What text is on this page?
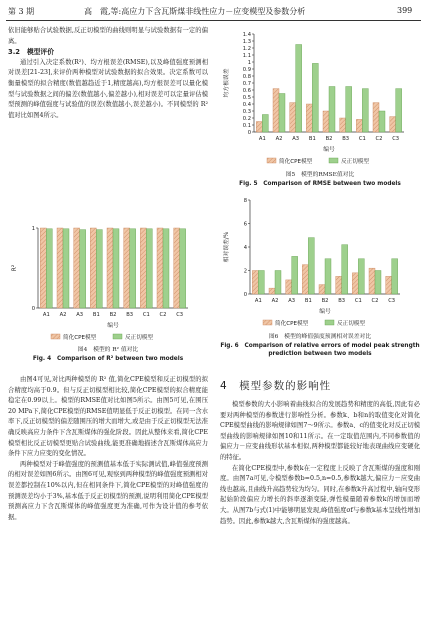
第 3 期	高　霞,等:高应力下含瓦斯煤非线性应力－应变模型及参数分析	399

依旧能够贴合试验数据,反正切模型的曲线则明显与试验数据有一定的偏离。

3.2　模型评价

通过引入决定系数(R²)、均方根误差(RMSE),以及峰值强度预测相对误差[21-23],来评价两种模型对试验数据的拟合效果。决定系数可以衡量模型的拟合精度(数值越趋近于1,精度越高),均方根误差可以量化模型与试验数据之间的偏差(数值越小,偏差越小),相对误差可以定量评估模型预测的峰值强度与试验值的误差(数值越小,误差越小)。不同模型的 R² 值对比如图4所示。

0
1
R²
A1 A2 A3 B1 B2 B3 C1 C2 C3
编号
简化CPE模型	反正切模型
图4　模型的 R² 值对比
Fig. 4　Comparison of R² between two models

由图4可见,对比两种模型的 R² 值,简化CPE模型和反正切模型的拟合精度均高于0.9。但与反正切模型相比较,简化CPE模型的拟合精度能稳定在0.99以上。模型的RMSE值对比如图5所示。由图5可见,在围压20 MPa下,简化CPE模型的RMSE值明显低于反正切模型。在同一含水率下,反正切模型的偏差随围压的增大而增大,或是由于反正切模型无法准确反映高应力条件下含瓦斯煤体的强化阶段。因此从整体来看,简化CPE模型相比反正切模型更贴合试验曲线,能更准确地描述含瓦斯煤体高应力条件下应力应变的变化情况。

两种模型对于峰值强度的预测值基本低于实际测试值,峰值强度预测的相对误差如图6所示。由图6可见,观察到两种模型的峰值强度预测相对误差都控制在10%以内,但在相同条件下,简化CPE模型的对峰值强度的预测误差均小于3%,基本低于反正切模型的预测,说明利用简化CPE模型预测高应力下含瓦斯煤体的峰值强度更为准确,可作为设计值的参考依据。

0
0.1
0.2
0.3
0.4
0.5
0.6
0.7
0.8
0.9
1
1.1
1.2
1.3
1.4
均方根误差
A1 A2 A3 B1 B2 B3 C1 C2 C3
编号
简化CPE模型	反正切模型
图5　模型的RMSE值对比
Fig. 5　Comparison of RMSE between two models
0
2
4
6
8
相对误差/%
A1 A2 A3 B1 B2 B3 C1 C2 C3
编号
简化CPE模型	反正切模型
图6　模型的峰值强度预测相对误差对比
Fig. 6　Comparison of relative errors of model peak strength prediction between two models
4　模型参数的影响性

模型参数的大小影响着曲线拟合的发展趋势和精度的高低,因此有必要对两种模型的参数进行影响性分析。参数k、b和n的取值变化对简化CPE模型曲线的影响规律如图7～9所示。参数a、c的值变化对反正切模型曲线的影响规律如图10和11所示。在一定取值范围内,不同参数值的偏应力－应变曲线形状基本相似,两种模型都能较好地表现曲线应变硬化的特征。

在简化CPE模型中,参数k在一定程度上反映了含瓦斯煤的强度和刚度。由图7a可见,令模型参数b=0.5,n=0.5,参数k越大,偏应力－应变曲线也越高,且曲线升高趋势较为均匀。同时,在参数k升高过程中,轴向变形起始阶段偏应力增长的斜率逐渐变陡,弹性模量随着参数k的增加而增大。从图7b与式(1)中能够明显发现,峰值强度σf与参数k基本呈线性增加趋势。因此,参数k越大,含瓦斯煤体的强度越高。
